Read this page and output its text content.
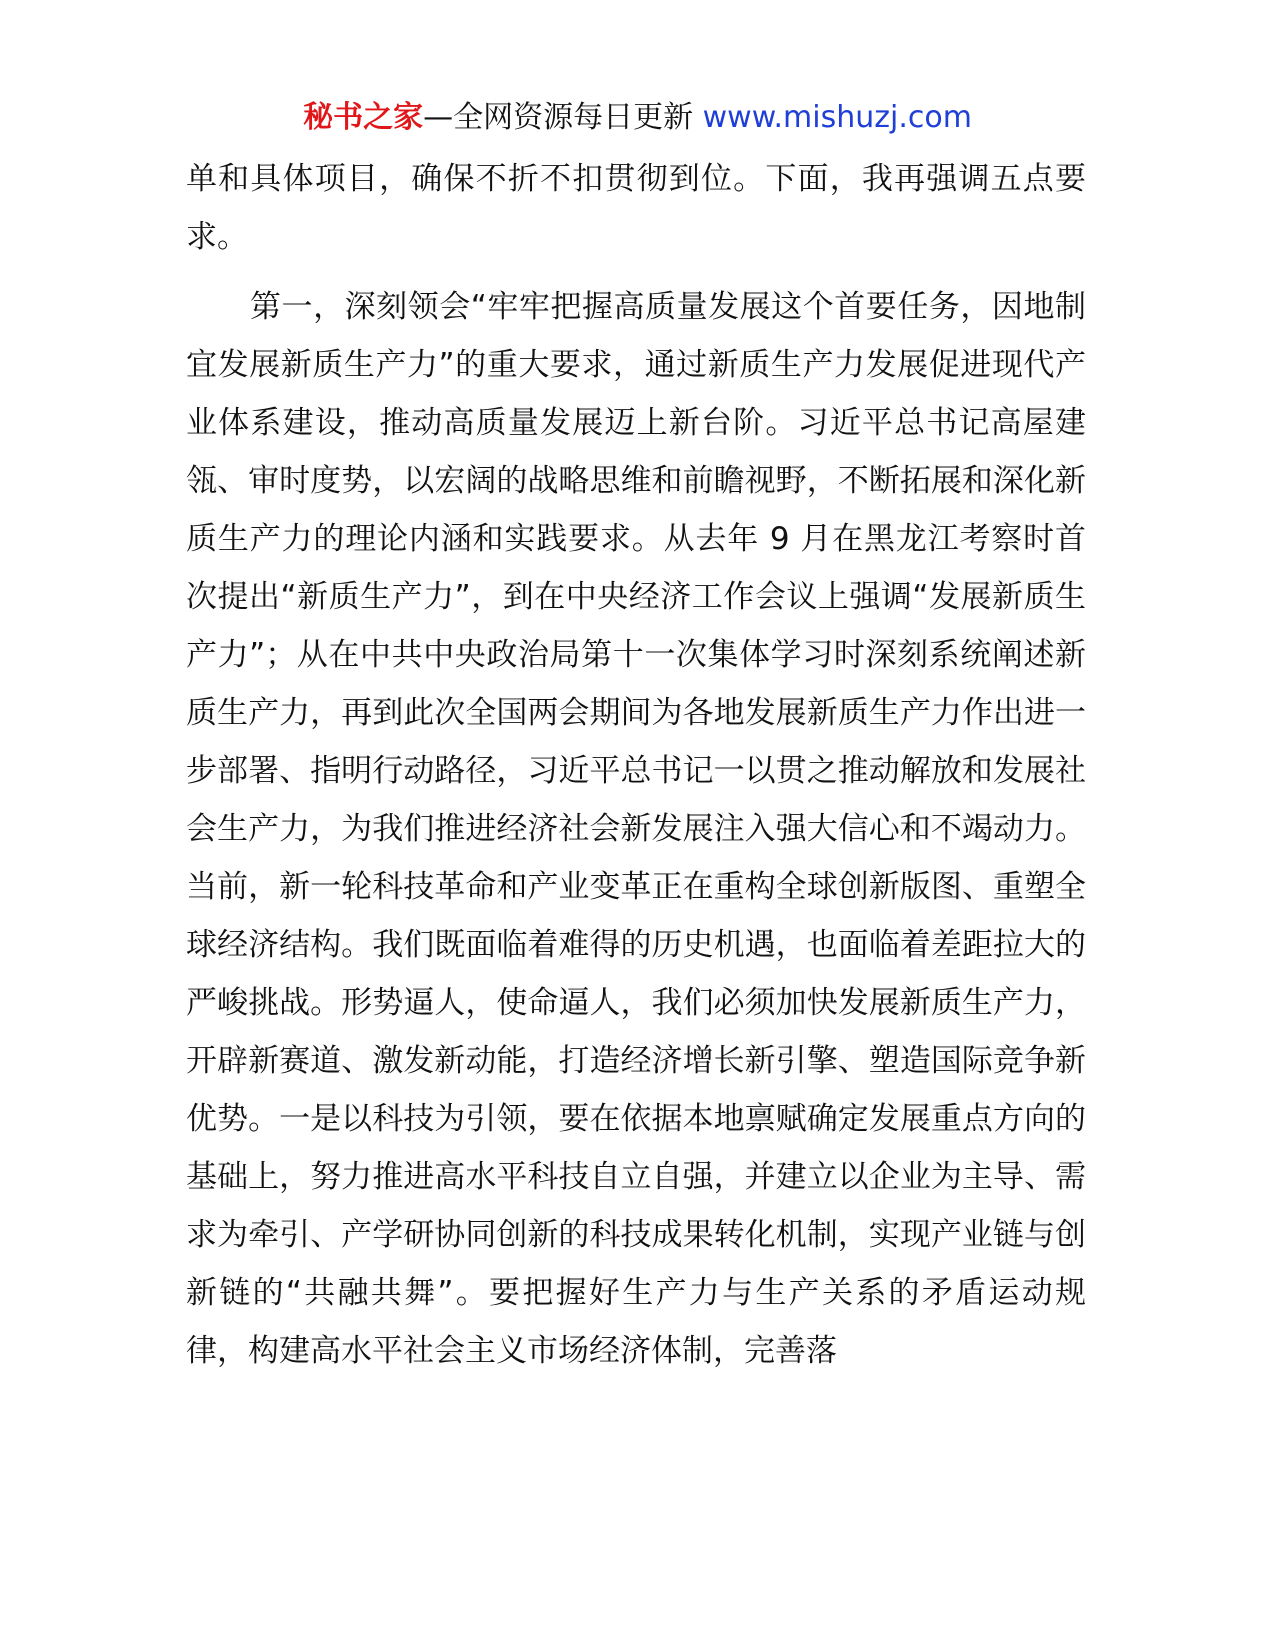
秘书之家—全网资源每日更新 www.mishuzj.com

单和具体项目，确保不折不扣贯彻到位。下面，我再强调五点要求。

第一，深刻领会“牢牢把握高质量发展这个首要任务，因地制宜发展新质生产力”的重大要求，通过新质生产力发展促进现代产业体系建设，推动高质量发展迈上新台阶。习近平总书记高屋建瓴、审时度势，以宏阔的战略思维和前瞻视野，不断拓展和深化新质生产力的理论内涵和实践要求。从去年 9 月在黑龙江考察时首次提出“新质生产力”，到在中央经济工作会议上强调“发展新质生产力”；从在中共中央政治局第十一次集体学习时深刻系统阐述新质生产力，再到此次全国两会期间为各地发展新质生产力作出进一步部署、指明行动路径，习近平总书记一以贯之推动解放和发展社会生产力，为我们推进经济社会新发展注入强大信心和不竭动力。当前，新一轮科技革命和产业变革正在重构全球创新版图、重塑全球经济结构。我们既面临着难得的历史机遇，也面临着差距拉大的严峻挑战。形势逼人，使命逼人，我们必须加快发展新质生产力，开辟新赛道、激发新动能，打造经济增长新引擎、塑造国际竞争新优势。一是以科技为引领，要在依据本地禀赋确定发展重点方向的基础上，努力推进高水平科技自立自强，并建立以企业为主导、需求为牵引、产学研协同创新的科技成果转化机制，实现产业链与创新链的“共融共舞”。要把握好生产力与生产关系的矛盾运动规律，构建高水平社会主义市场经济体制，完善落
